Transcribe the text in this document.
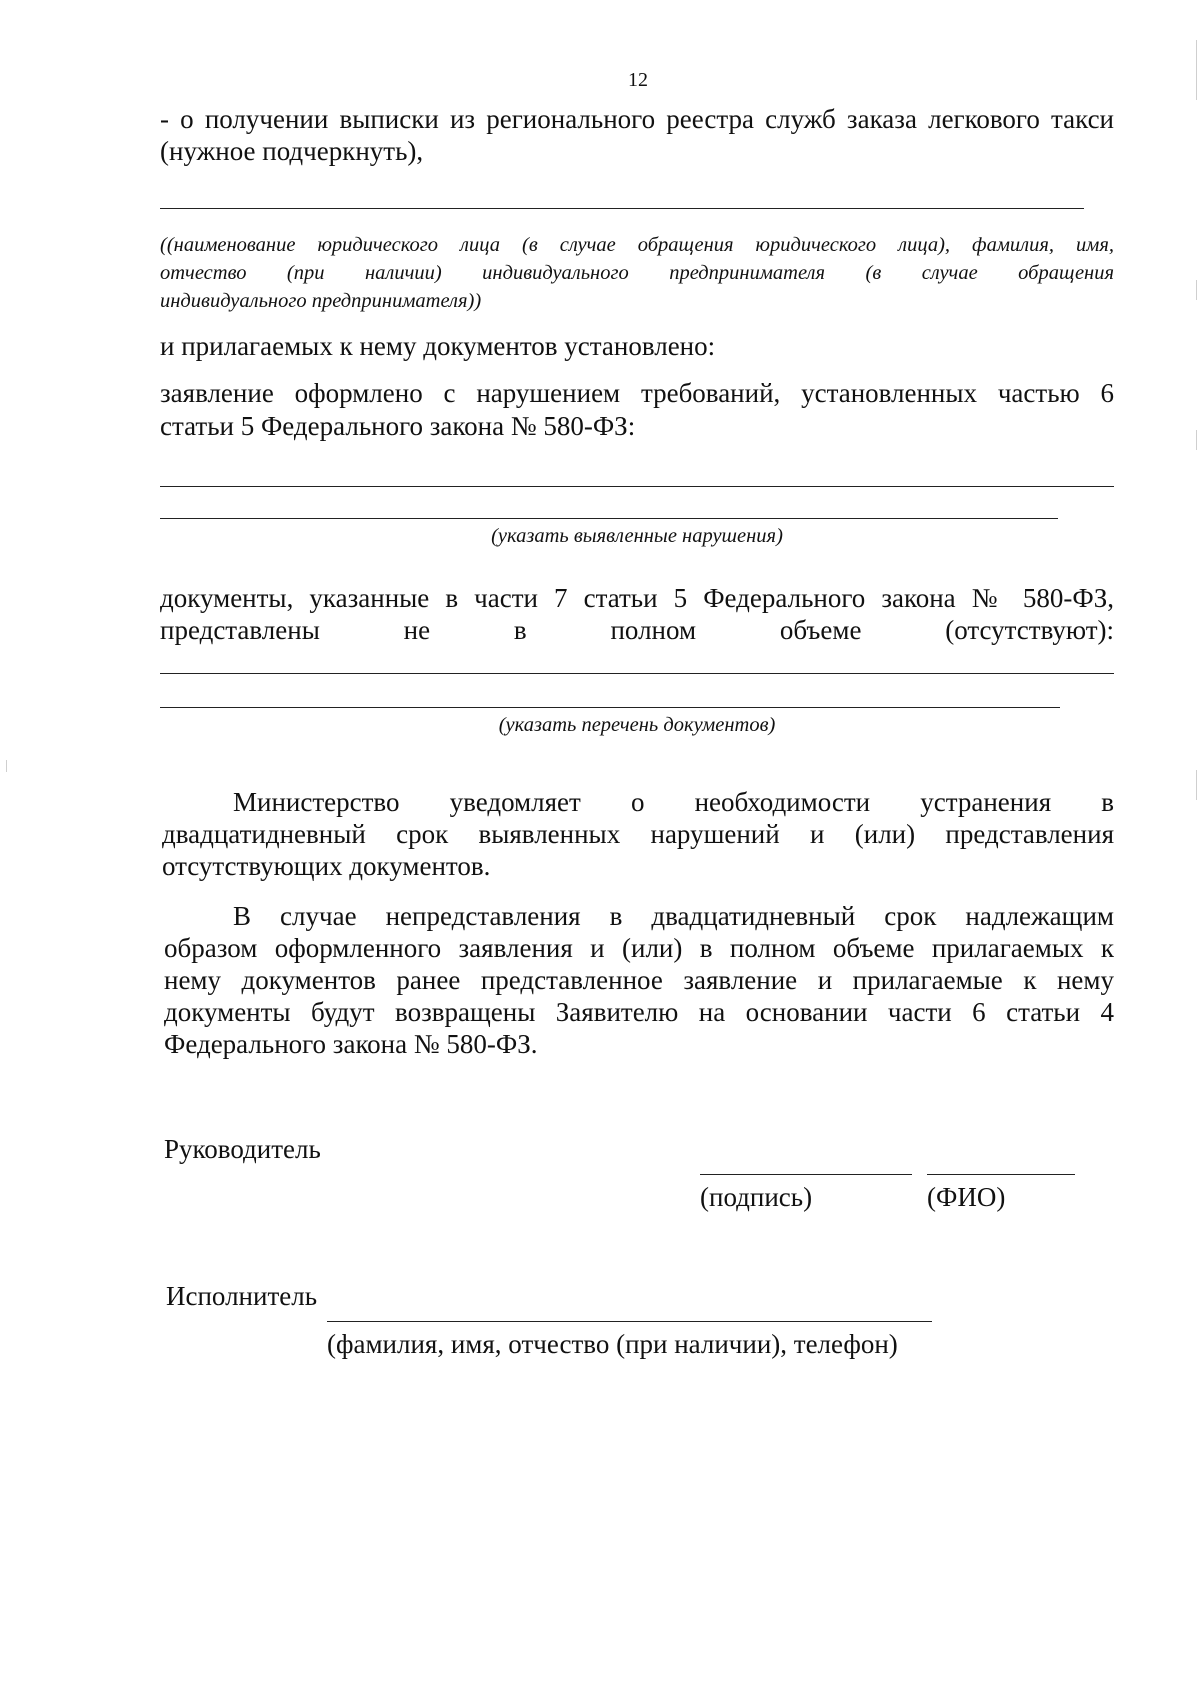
12
- о получении выписки из регионального реестра служб заказа легкового такси
(нужное подчеркнуть),
((наименование юридического лица (в случае обращения юридического лица), фамилия, имя,
отчество (при наличии) индивидуального предпринимателя (в случае обращения
индивидуального предпринимателя))
и прилагаемых к нему документов установлено:
заявление оформлено с нарушением требований, установленных частью 6
статьи 5 Федерального закона № 580-ФЗ:
(указать выявленные нарушения)
документы, указанные в части 7 статьи 5 Федерального закона № 580-ФЗ,
представлены не в полном объеме (отсутствуют):
(указать перечень документов)
Министерство уведомляет о необходимости устранения в
двадцатидневный срок выявленных нарушений и (или) представления
отсутствующих документов.
В случае непредставления в двадцатидневный срок надлежащим
образом оформленного заявления и (или) в полном объеме прилагаемых к
нему документов ранее представленное заявление и прилагаемые к нему
документы будут возвращены Заявителю на основании части 6 статьи 4
Федерального закона № 580-ФЗ.
Руководитель
(подпись)	(ФИО)
Исполнитель
(фамилия, имя, отчество (при наличии), телефон)
